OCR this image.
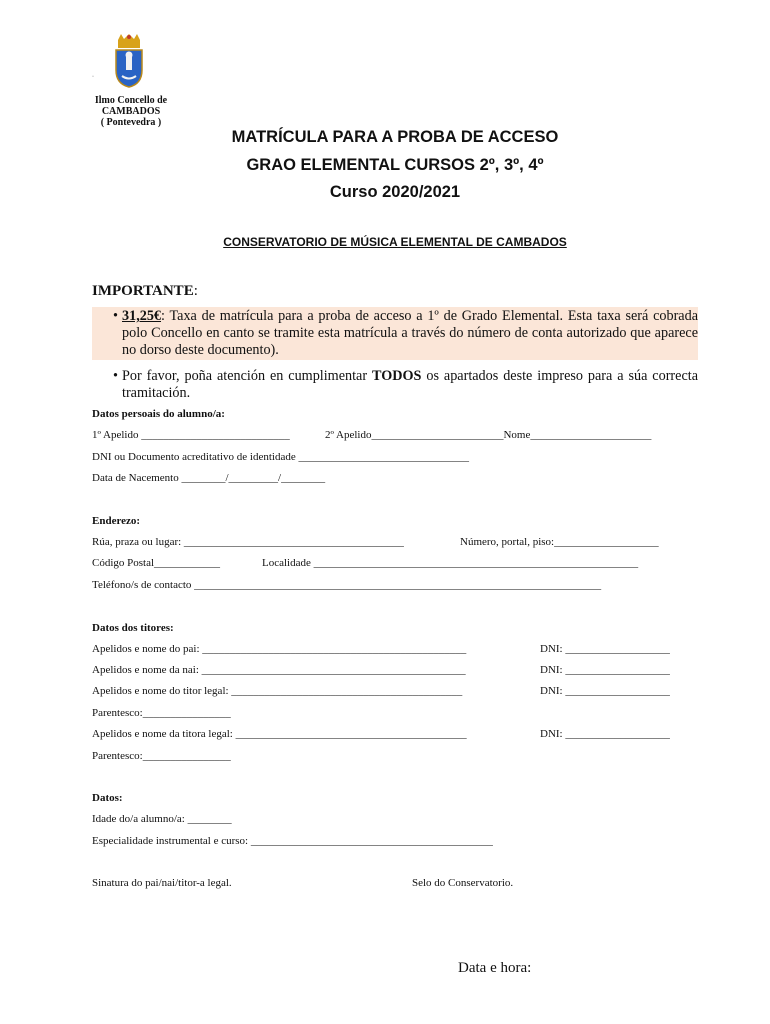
·
Ilmo Concello de
CAMBADOS
( Pontevedra )
MATRÍCULA PARA A PROBA DE ACCESO
GRAO ELEMENTAL CURSOS 2º, 3º, 4º
Curso 2020/2021
CONSERVATORIO DE MÚSICA ELEMENTAL DE CAMBADOS
IMPORTANTE:
• 31,25€: Taxa de matrícula para a proba de acceso a 1º de Grado Elemental. Esta taxa será cobrada polo Concello en canto se tramite esta matrícula a través do número de conta autorizado que aparece no dorso deste documento).
• Por favor, poña atención en cumplimentar TODOS os apartados deste impreso para a súa correcta tramitación.
Datos persoais do alumno/a:
1º Apelido ___________________________	2º Apelido________________________Nome______________________
DNI ou Documento acreditativo de identidade _______________________________
Data de Nacemento ________/_________/________
Enderezo:
Rúa, praza ou lugar: ________________________________________	Número, portal, piso:___________________
Código Postal____________	Localidade ___________________________________________________________
Teléfono/s de contacto __________________________________________________________________________
Datos dos titores:
Apelidos e nome do pai: ________________________________________________	DNI: ___________________
Apelidos e nome da nai: ________________________________________________	DNI: ___________________
Apelidos e nome do titor legal: __________________________________________	DNI: ___________________
Parentesco:________________
Apelidos e nome da titora legal: __________________________________________	DNI: ___________________
Parentesco:________________
Datos:
Idade do/a alumno/a: ________
Especialidade instrumental e curso: ____________________________________________
Sinatura do pai/nai/titor-a legal.	Selo do Conservatorio.
Data e hora:
